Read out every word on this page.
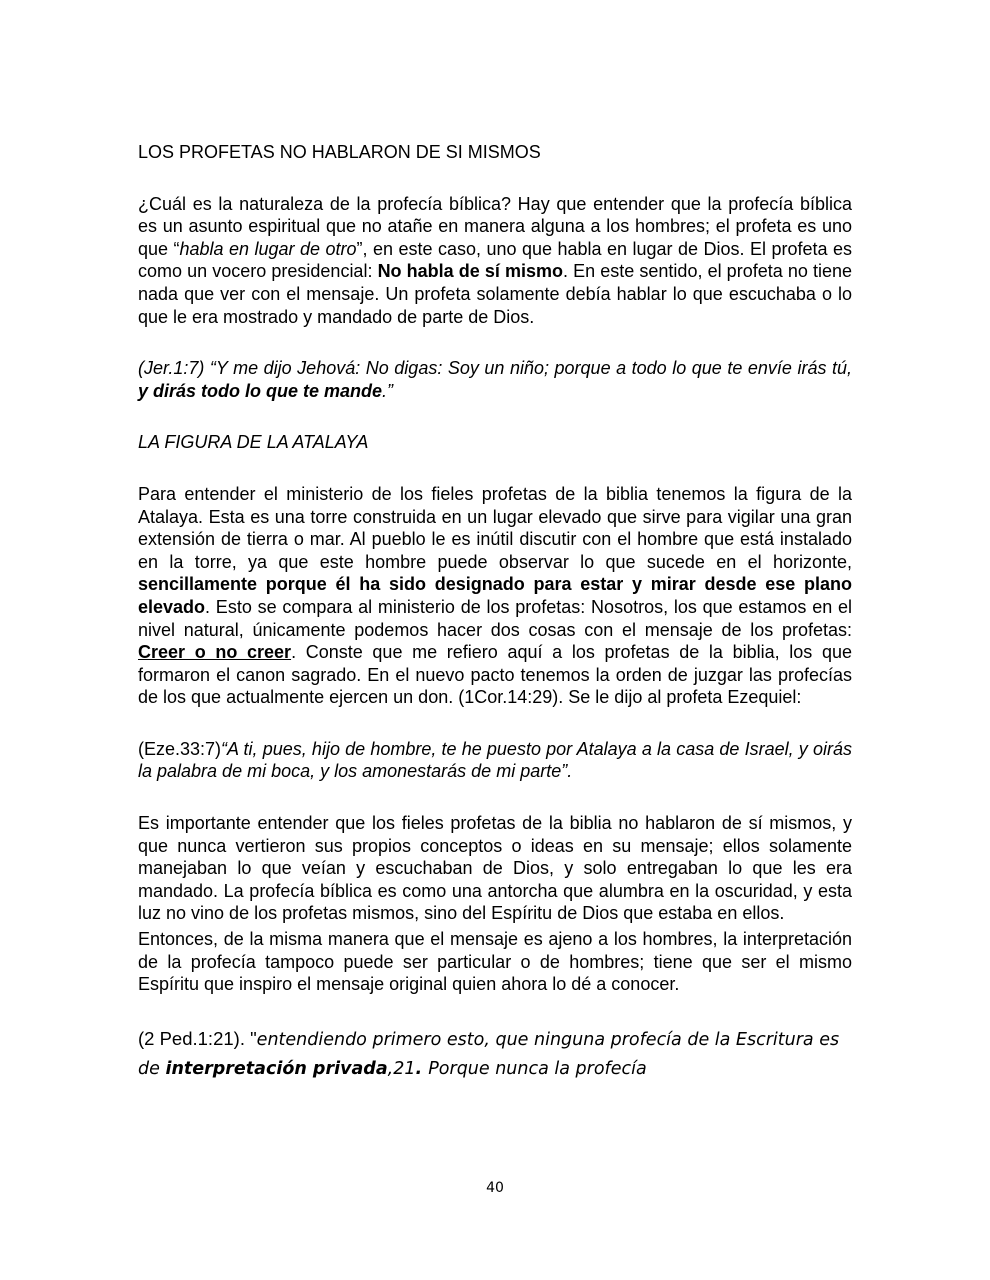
LOS PROFETAS NO HABLARON DE SI MISMOS

¿Cuál es la naturaleza de la profecía bíblica? Hay que entender que la profecía bíblica es un asunto espiritual que no atañe en manera alguna a los hombres; el profeta es uno que “habla en lugar de otro”, en este caso, uno que habla en lugar de Dios. El profeta es como un vocero presidencial: No habla de sí mismo. En este sentido, el profeta no tiene nada que ver con el mensaje. Un profeta solamente debía hablar lo que escuchaba o lo que le era mostrado y mandado de parte de Dios.

(Jer.1:7) “Y me dijo Jehová: No digas: Soy un niño; porque a todo lo que te envíe irás tú, y dirás todo lo que te mande.”

LA FIGURA DE LA ATALAYA

Para entender el ministerio de los fieles profetas de la biblia tenemos la figura de la Atalaya. Esta es una torre construida en un lugar elevado que sirve para vigilar una gran extensión de tierra o mar. Al pueblo le es inútil discutir con el hombre que está instalado en la torre, ya que este hombre puede observar lo que sucede en el horizonte, sencillamente porque él ha sido designado para estar y mirar desde ese plano elevado. Esto se compara al ministerio de los profetas: Nosotros, los que estamos en el nivel natural, únicamente podemos hacer dos cosas con el mensaje de los profetas: Creer o no creer. Conste que me refiero aquí a los profetas de la biblia, los que formaron el canon sagrado. En el nuevo pacto tenemos la orden de juzgar las profecías de los que actualmente ejercen un don. (1Cor.14:29). Se le dijo al profeta Ezequiel:

(Eze.33:7)“A ti, pues, hijo de hombre, te he puesto por Atalaya a la casa de Israel, y oirás la palabra de mi boca, y los amonestarás de mi parte”.

Es importante entender que los fieles profetas de la biblia no hablaron de sí mismos, y que nunca vertieron sus propios conceptos o ideas en su mensaje; ellos solamente manejaban lo que veían y escuchaban de Dios, y solo entregaban lo que les era mandado. La profecía bíblica es como una antorcha que alumbra en la oscuridad, y esta luz no vino de los profetas mismos, sino del Espíritu de Dios que estaba en ellos.

Entonces, de la misma manera que el mensaje es ajeno a los hombres, la interpretación de la profecía tampoco puede ser particular o de hombres; tiene que ser el mismo Espíritu que inspiro el mensaje original quien ahora lo dé a conocer.

(2 Ped.1:21). "entendiendo primero esto, que ninguna profecía de la Escritura es de interpretación privada,21. Porque nunca la profecía

40
